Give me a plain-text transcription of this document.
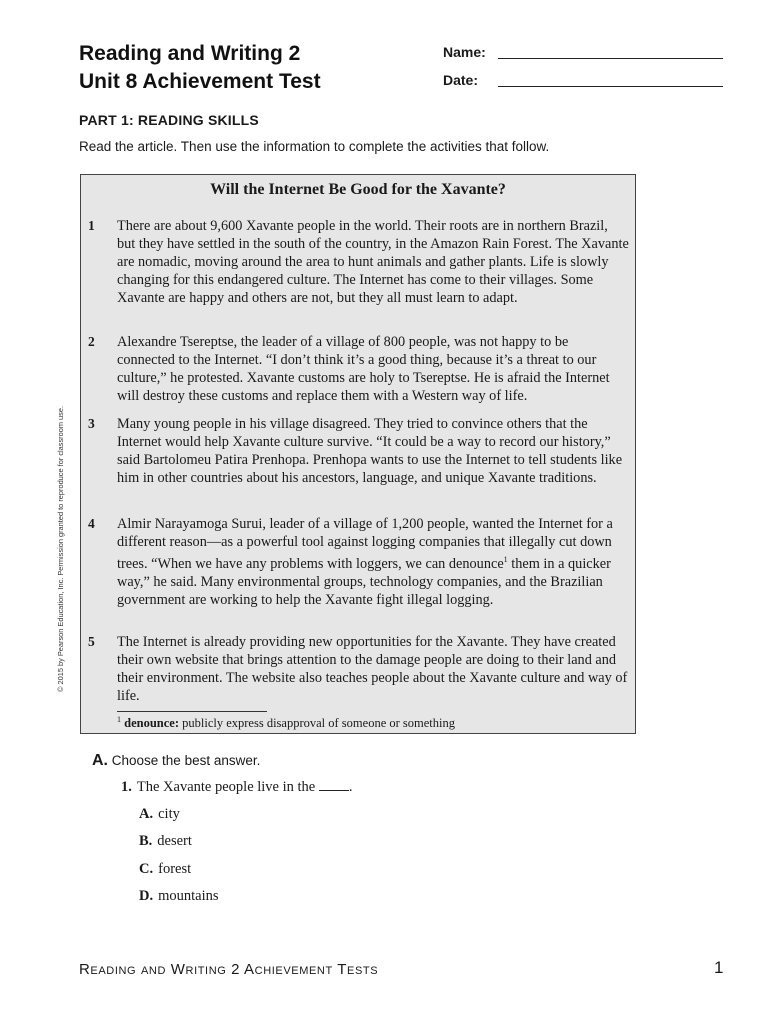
Reading and Writing 2
Unit 8 Achievement Test
Name:
Date:
PART 1: READING SKILLS
Read the article. Then use the information to complete the activities that follow.
© 2015 by Pearson Education, Inc. Permission granted to reproduce for classroom use.
Will the Internet Be Good for the Xavante?
1 There are about 9,600 Xavante people in the world. Their roots are in northern Brazil, but they have settled in the south of the country, in the Amazon Rain Forest. The Xavante are nomadic, moving around the area to hunt animals and gather plants. Life is slowly changing for this endangered culture. The Internet has come to their villages. Some Xavante are happy and others are not, but they all must learn to adapt.
2 Alexandre Tsereptse, the leader of a village of 800 people, was not happy to be connected to the Internet. “I don’t think it’s a good thing, because it’s a threat to our culture,” he protested. Xavante customs are holy to Tsereptse. He is afraid the Internet will destroy these customs and replace them with a Western way of life.
3 Many young people in his village disagreed. They tried to convince others that the Internet would help Xavante culture survive. “It could be a way to record our history,” said Bartolomeu Patira Prenhopa. Prenhopa wants to use the Internet to tell students like him in other countries about his ancestors, language, and unique Xavante traditions.
4 Almir Narayamoga Surui, leader of a village of 1,200 people, wanted the Internet for a different reason—as a powerful tool against logging companies that illegally cut down trees. “When we have any problems with loggers, we can denounce$^1$ them in a quicker way,” he said. Many environmental groups, technology companies, and the Brazilian government are working to help the Xavante fight illegal logging.
5 The Internet is already providing new opportunities for the Xavante. They have created their own website that brings attention to the damage people are doing to their land and their environment. The website also teaches people about the Xavante culture and way of life.
$^1$ denounce: publicly express disapproval of someone or something
A. Choose the best answer.
1. The Xavante people live in the .
A. city
B. desert
C. forest
D. mountains
Reading and Writing 2 Achievement Tests	1
